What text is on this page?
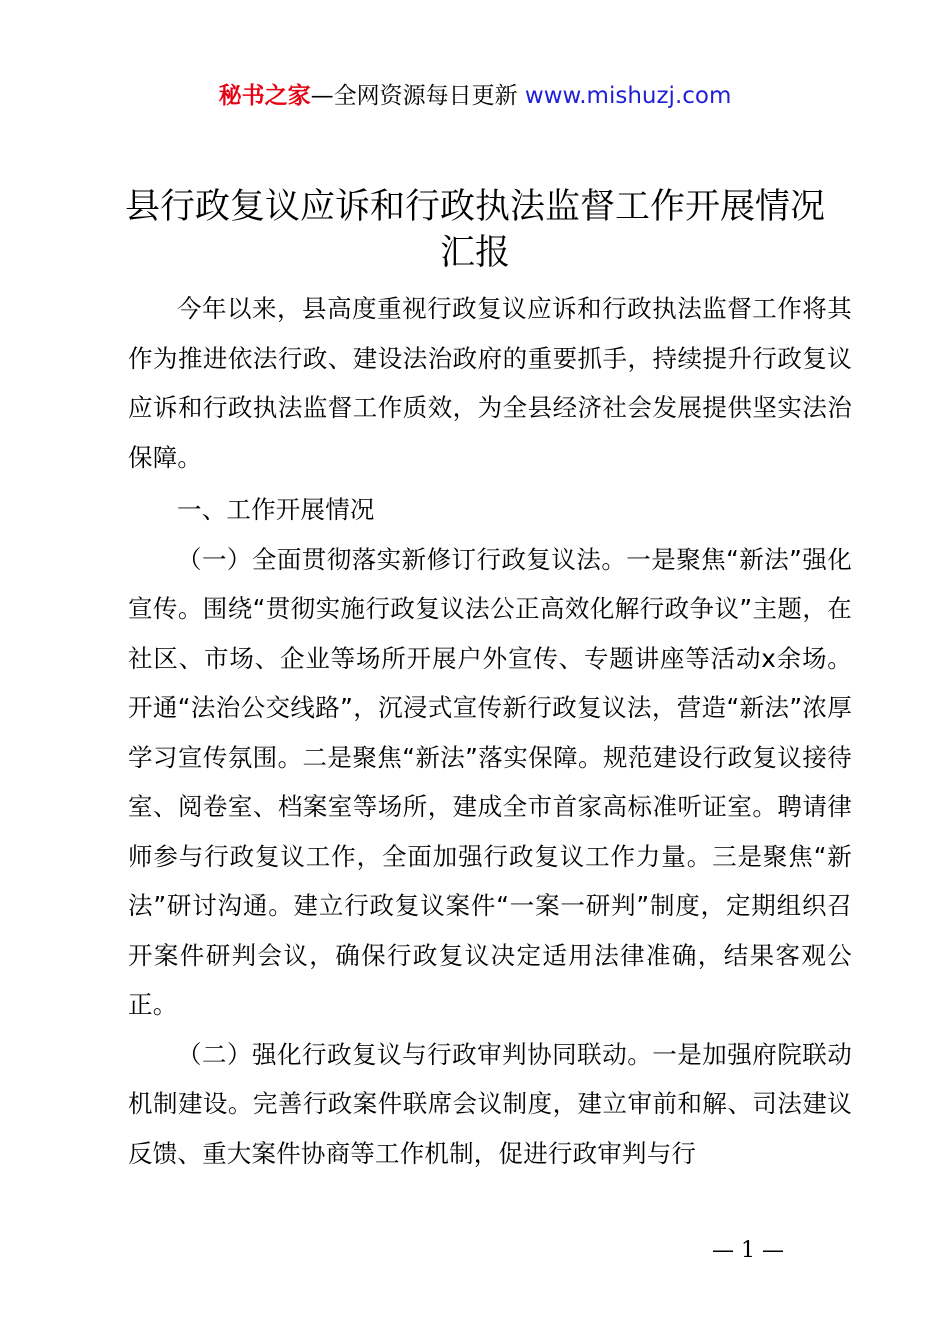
秘书之家—全网资源每日更新 www.mishuzj.com
县行政复议应诉和行政执法监督工作开展情况汇报

今年以来，县高度重视行政复议应诉和行政执法监督工作将其作为推进依法行政、建设法治政府的重要抓手，持续提升行政复议应诉和行政执法监督工作质效，为全县经济社会发展提供坚实法治保障。

一、工作开展情况

（一）全面贯彻落实新修订行政复议法。一是聚焦“新法”强化宣传。围绕“贯彻实施行政复议法公正高效化解行政争议”主题，在社区、市场、企业等场所开展户外宣传、专题讲座等活动x余场。开通“法治公交线路”，沉浸式宣传新行政复议法，营造“新法”浓厚学习宣传氛围。二是聚焦“新法”落实保障。规范建设行政复议接待室、阅卷室、档案室等场所，建成全市首家高标准听证室。聘请律师参与行政复议工作，全面加强行政复议工作力量。三是聚焦“新法”研讨沟通。建立行政复议案件“一案一研判”制度，定期组织召开案件研判会议，确保行政复议决定适用法律准确，结果客观公正。

（二）强化行政复议与行政审判协同联动。一是加强府院联动机制建设。完善行政案件联席会议制度，建立审前和解、司法建议反馈、重大案件协商等工作机制，促进行政审判与行

— 1 —
